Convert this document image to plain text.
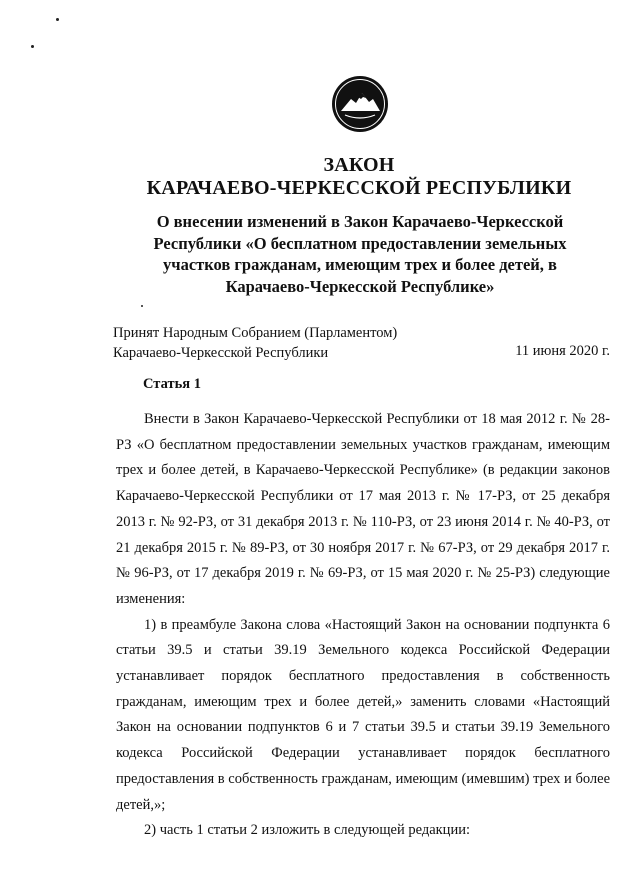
ЗАКОН
КАРАЧАЕВО-ЧЕРКЕССКОЙ РЕСПУБЛИКИ
О внесении изменений в Закон Карачаево-Черкесской Республики «О бесплатном предоставлении земельных участков гражданам, имеющим трех и более детей, в Карачаево-Черкесской Республике»
Принят Народным Собранием (Парламентом)
Карачаево-Черкесской Республики	11 июня 2020 г.
Статья 1

Внести в Закон Карачаево-Черкесской Республики от 18 мая 2012 г. № 28-РЗ «О бесплатном предоставлении земельных участков гражданам, имеющим трех и более детей, в Карачаево-Черкесской Республике» (в редакции законов Карачаево-Черкесской Республики от 17 мая 2013 г. № 17-РЗ, от 25 декабря 2013 г. № 92-РЗ, от 31 декабря 2013 г. № 110-РЗ, от 23 июня 2014 г. № 40-РЗ, от 21 декабря 2015 г. № 89-РЗ, от 30 ноября 2017 г. № 67-РЗ, от 29 декабря 2017 г. № 96-РЗ, от 17 декабря 2019 г. № 69-РЗ, от 15 мая 2020 г. № 25-РЗ) следующие изменения:

1) в преамбуле Закона слова «Настоящий Закон на основании подпункта 6 статьи 39.5 и статьи 39.19 Земельного кодекса Российской Федерации устанавливает порядок бесплатного предоставления в собственность гражданам, имеющим трех и более детей,» заменить словами «Настоящий Закон на основании подпунктов 6 и 7 статьи 39.5 и статьи 39.19 Земельного кодекса Российской Федерации устанавливает порядок бесплатного предоставления в собственность гражданам, имеющим (имевшим) трех и более детей,»;

2) часть 1 статьи 2 изложить в следующей редакции:
